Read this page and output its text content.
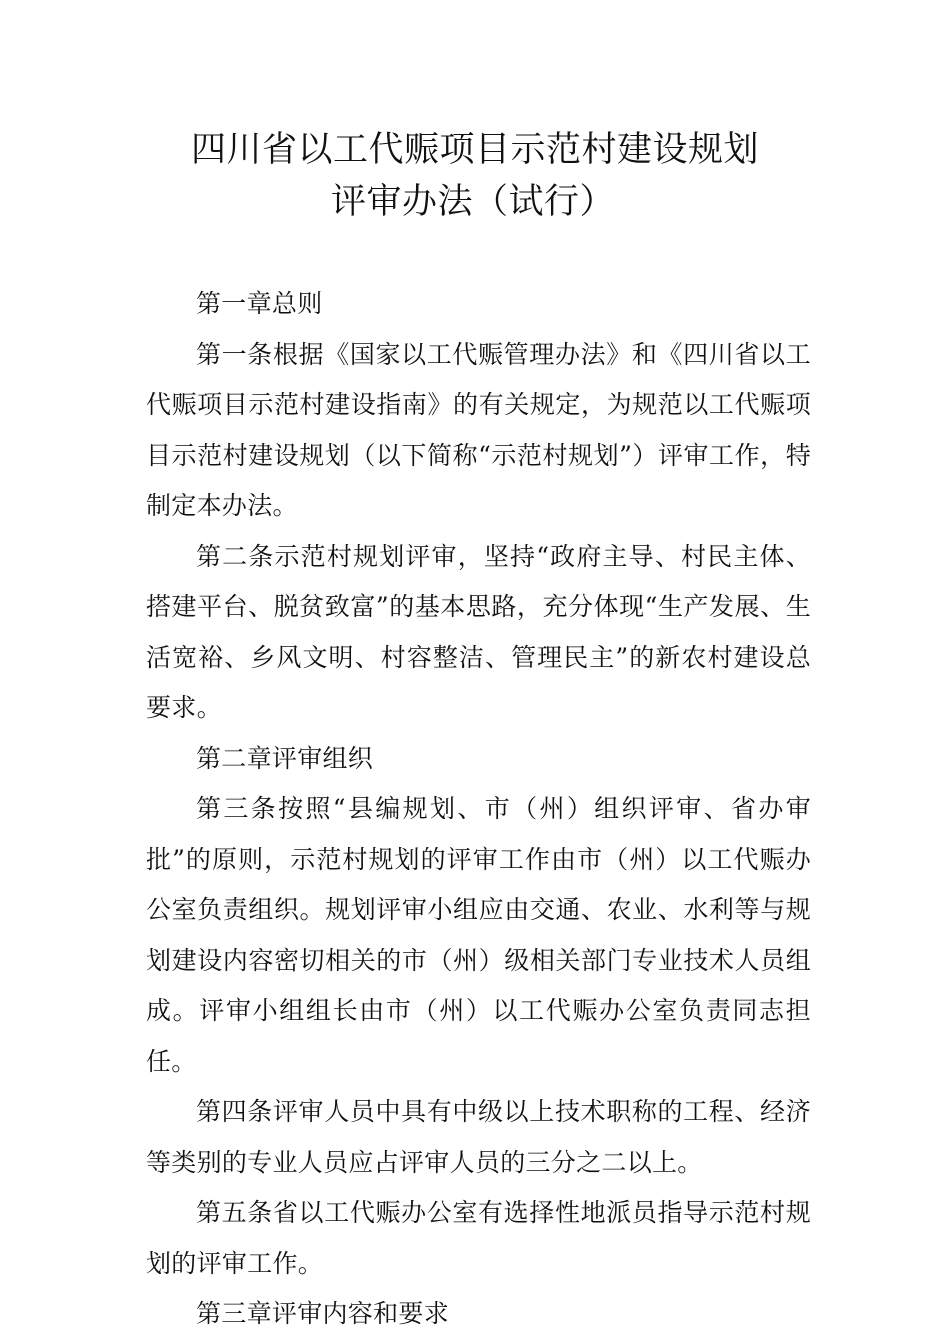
四川省以工代赈项目示范村建设规划
评审办法（试行）

第一章总则

第一条根据《国家以工代赈管理办法》和《四川省以工代赈项目示范村建设指南》的有关规定，为规范以工代赈项目示范村建设规划（以下简称“示范村规划”）评审工作，特制定本办法。

第二条示范村规划评审，坚持“政府主导、村民主体、搭建平台、脱贫致富”的基本思路，充分体现“生产发展、生活宽裕、乡风文明、村容整洁、管理民主”的新农村建设总要求。

第二章评审组织

第三条按照“县编规划、市（州）组织评审、省办审批”的原则，示范村规划的评审工作由市（州）以工代赈办公室负责组织。规划评审小组应由交通、农业、水利等与规划建设内容密切相关的市（州）级相关部门专业技术人员组成。评审小组组长由市（州）以工代赈办公室负责同志担任。

第四条评审人员中具有中级以上技术职称的工程、经济等类别的专业人员应占评审人员的三分之二以上。

第五条省以工代赈办公室有选择性地派员指导示范村规划的评审工作。

第三章评审内容和要求
